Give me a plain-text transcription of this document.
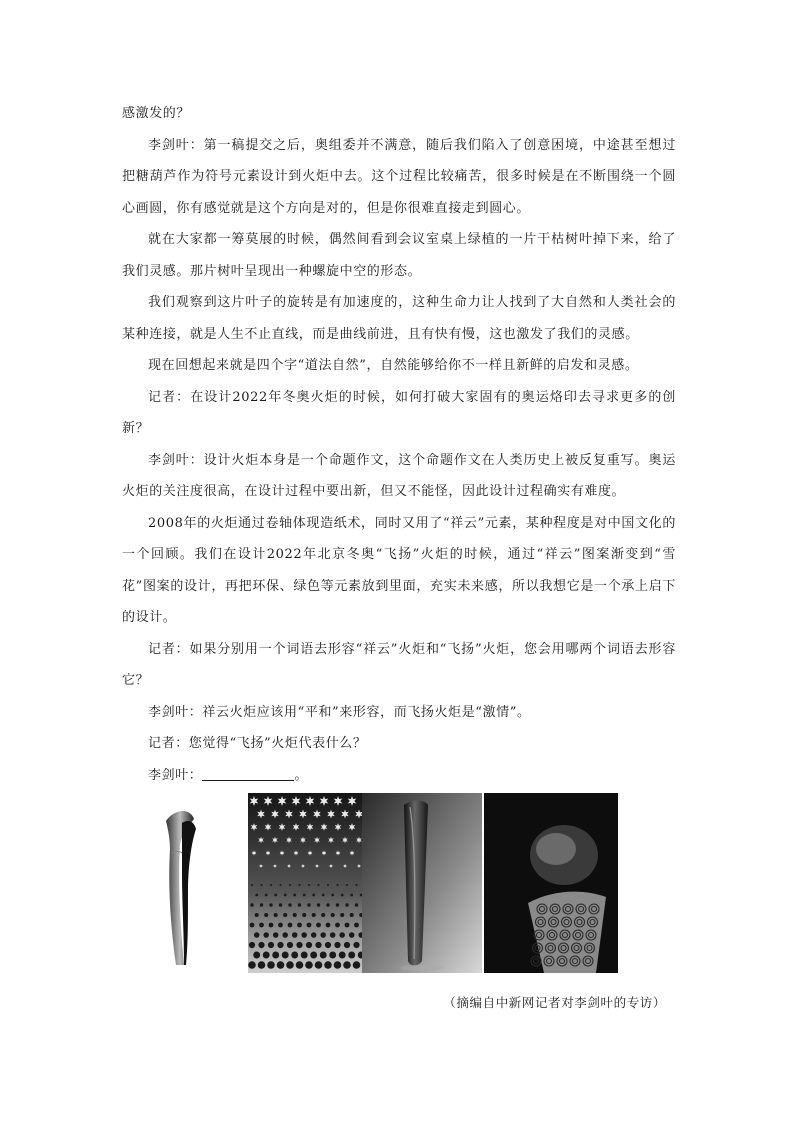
感激发的？

李剑叶：第一稿提交之后，奥组委并不满意，随后我们陷入了创意困境，中途甚至想过把糖葫芦作为符号元素设计到火炬中去。这个过程比较痛苦，很多时候是在不断围绕一个圆心画圆，你有感觉就是这个方向是对的，但是你很难直接走到圆心。

就在大家都一筹莫展的时候，偶然间看到会议室桌上绿植的一片干枯树叶掉下来，给了我们灵感。那片树叶呈现出一种螺旋中空的形态。

我们观察到这片叶子的旋转是有加速度的，这种生命力让人找到了大自然和人类社会的某种连接，就是人生不止直线，而是曲线前进，且有快有慢，这也激发了我们的灵感。

现在回想起来就是四个字“道法自然”，自然能够给你不一样且新鲜的启发和灵感。

记者：在设计2022年冬奥火炬的时候，如何打破大家固有的奥运烙印去寻求更多的创新？

李剑叶：设计火炬本身是一个命题作文，这个命题作文在人类历史上被反复重写。奥运火炬的关注度很高，在设计过程中要出新，但又不能怪，因此设计过程确实有难度。

2008年的火炬通过卷轴体现造纸术，同时又用了“祥云”元素，某种程度是对中国文化的一个回顾。我们在设计2022年北京冬奥“飞扬”火炬的时候，通过“祥云”图案渐变到“雪花”图案的设计，再把环保、绿色等元素放到里面，充实未来感，所以我想它是一个承上启下的设计。

记者：如果分别用一个词语去形容“祥云”火炬和“飞扬”火炬，您会用哪两个词语去形容它？

李剑叶：祥云火炬应该用“平和”来形容，而飞扬火炬是“激情”。

记者：您觉得“飞扬”火炬代表什么？

李剑叶：	。

（摘编自中新网记者对李剑叶的专访）
